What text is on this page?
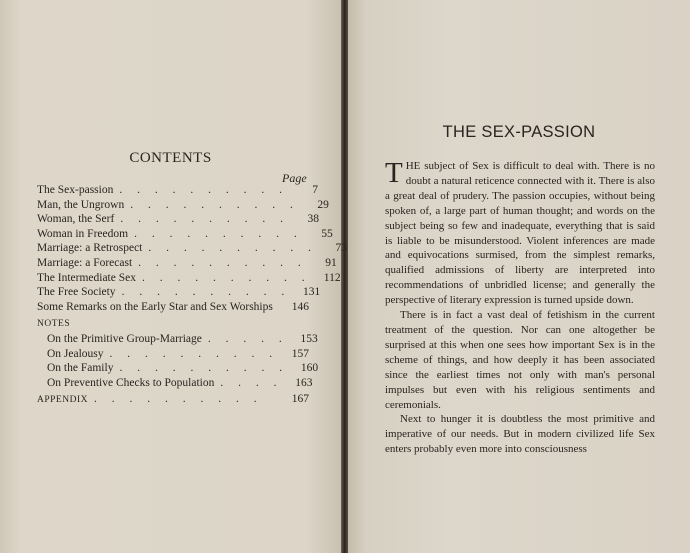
CONTENTS
Page
The Sex-passion . . . . . . . . . .	7
Man, the Ungrown . . . . . . . . . .	29
Woman, the Serf . . . . . . . . . .	38
Woman in Freedom . . . . . . . . . .	55
Marriage: a Retrospect . . . . . . . . . .	73
Marriage: a Forecast . . . . . . . . . .	91
The Intermediate Sex . . . . . . . . . .	112
The Free Society . . . . . . . . . .	131
Some Remarks on the Early Star and Sex Worships	146
NOTES
On the Primitive Group-Marriage . . . . .	153
On Jealousy . . . . . . . . . .	157
On the Family . . . . . . . . . .	160
On Preventive Checks to Population . . . .	163
APPENDIX . . . . . . . . . .	167
THE SEX-PASSION

THE subject of Sex is difficult to deal with. There is no doubt a natural reticence connected with it. There is also a great deal of prudery. The passion occupies, without being spoken of, a large part of human thought; and words on the subject being so few and inadequate, everything that is said is liable to be misunderstood. Violent inferences are made and equivocations surmised, from the simplest remarks, qualified admissions of liberty are interpreted into recommendations of unbridled license; and generally the perspective of literary expression is turned upside down.

There is in fact a vast deal of fetishism in the current treatment of the question. Nor can one altogether be surprised at this when one sees how important Sex is in the scheme of things, and how deeply it has been associated since the earliest times not only with man's personal impulses but even with his religious sentiments and ceremonials.

Next to hunger it is doubtless the most primitive and imperative of our needs. But in modern civilized life Sex enters probably even more into consciousness
